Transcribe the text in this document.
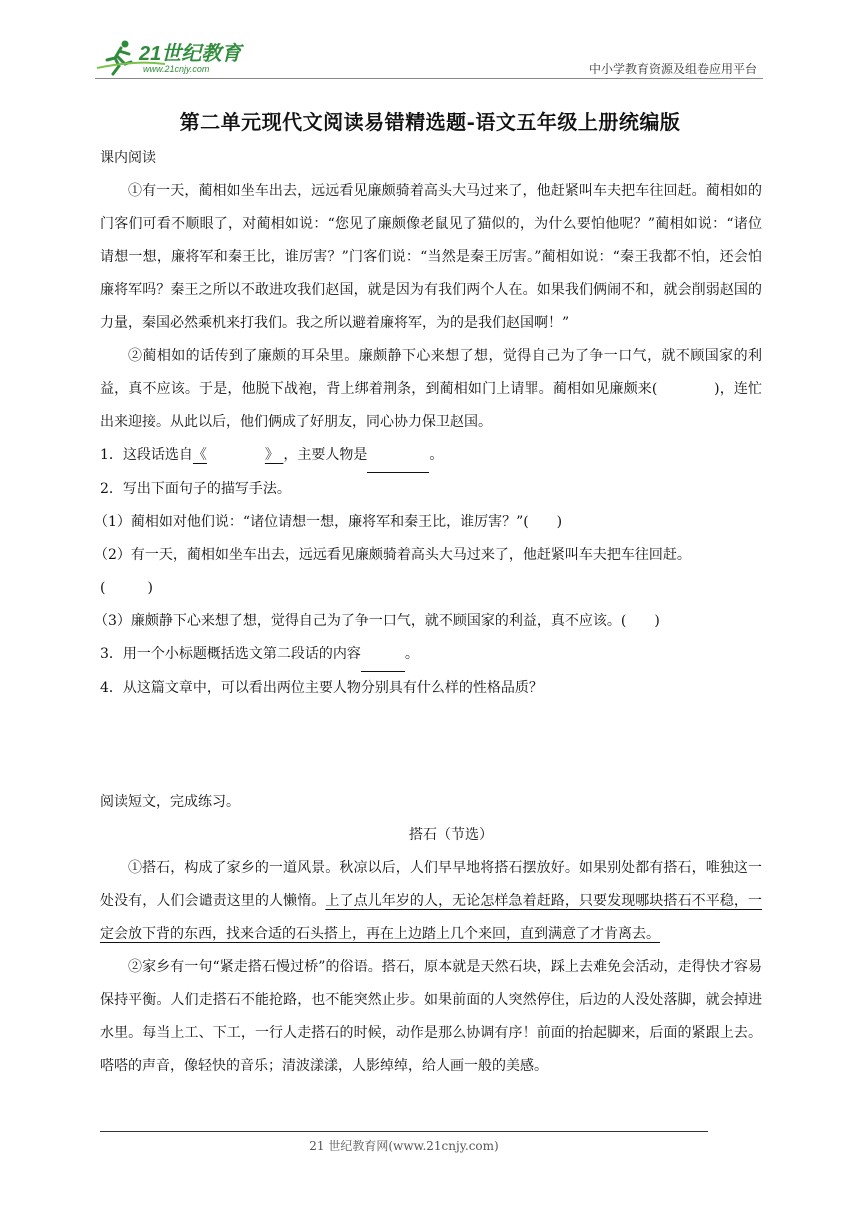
21世纪教育
www.21cnjy.com	中小学教育资源及组卷应用平台
第二单元现代文阅读易错精选题-语文五年级上册统编版

课内阅读

①有一天，蔺相如坐车出去，远远看见廉颇骑着高头大马过来了，他赶紧叫车夫把车往回赶。蔺相如的门客们可看不顺眼了，对蔺相如说：“您见了廉颇像老鼠见了猫似的，为什么要怕他呢？”蔺相如说：“诸位请想一想，廉将军和秦王比，谁厉害？”门客们说：“当然是秦王厉害。”蔺相如说：“秦王我都不怕，还会怕廉将军吗？秦王之所以不敢进攻我们赵国，就是因为有我们两个人在。如果我们俩闹不和，就会削弱赵国的力量，秦国必然乘机来打我们。我之所以避着廉将军，为的是我们赵国啊！”

②蔺相如的话传到了廉颇的耳朵里。廉颇静下心来想了想，觉得自己为了争一口气，就不顾国家的利益，真不应该。于是，他脱下战袍，背上绑着荆条，到蔺相如门上请罪。蔺相如见廉颇来(　　　　)，连忙出来迎接。从此以后，他们俩成了好朋友，同心协力保卫赵国。

1．这段话选自《	》 ，主要人物是	。

2．写出下面句子的描写手法。

（1）蔺相如对他们说：“诸位请想一想，廉将军和秦王比，谁厉害？”(　　)

（2）有一天，蔺相如坐车出去，远远看见廉颇骑着高头大马过来了，他赶紧叫车夫把车往回赶。

(　　　)

（3）廉颇静下心来想了想，觉得自己为了争一口气，就不顾国家的利益，真不应该。(　　)

3．用一个小标题概括选文第二段话的内容	。

4．从这篇文章中，可以看出两位主要人物分别具有什么样的性格品质？

阅读短文，完成练习。

搭石（节选）

①搭石，构成了家乡的一道风景。秋凉以后，人们早早地将搭石摆放好。如果别处都有搭石，唯独这一处没有，人们会谴责这里的人懒惰。上了点儿年岁的人，无论怎样急着赶路，只要发现哪块搭石不平稳，一定会放下背的东西，找来合适的石头搭上，再在上边踏上几个来回，直到满意了才肯离去。

②家乡有一句“紧走搭石慢过桥”的俗语。搭石，原本就是天然石块，踩上去难免会活动，走得快才容易保持平衡。人们走搭石不能抢路，也不能突然止步。如果前面的人突然停住，后边的人没处落脚，就会掉进水里。每当上工、下工，一行人走搭石的时候，动作是那么协调有序！前面的抬起脚来，后面的紧跟上去。嗒嗒的声音，像轻快的音乐；清波漾漾，人影绰绰，给人画一般的美感。

21 世纪教育网(www.21cnjy.com)
